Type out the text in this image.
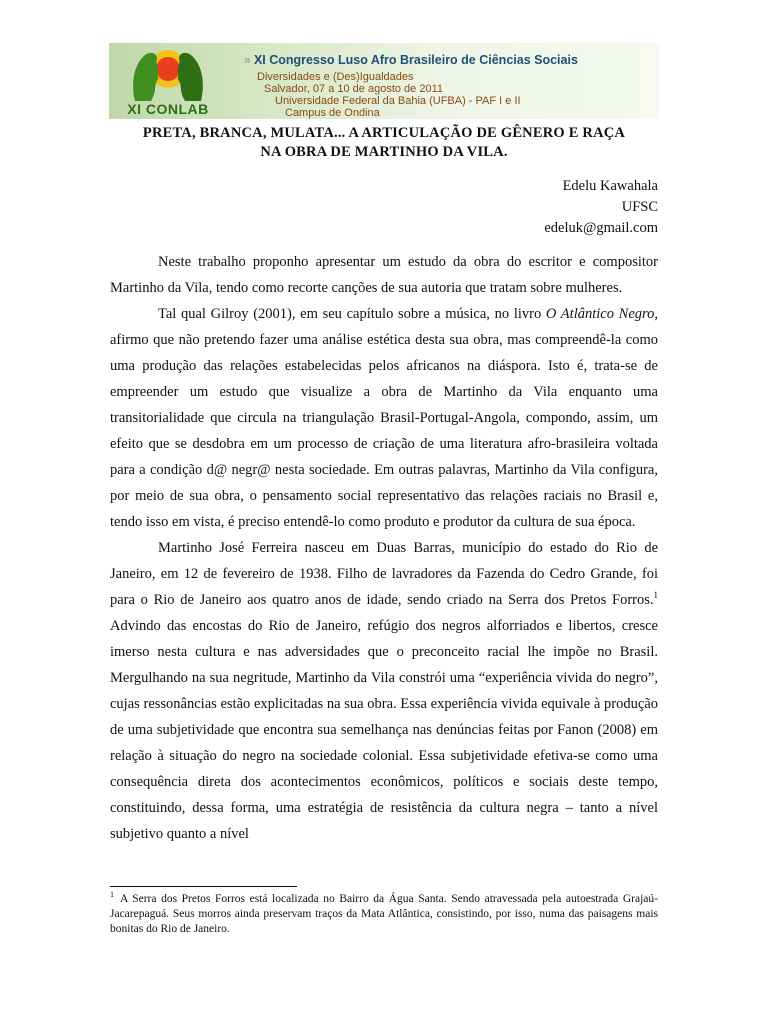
XI CONLAB
» XI Congresso Luso Afro Brasileiro de Ciências Sociais
Diversidades e (Des)Igualdades
Salvador, 07 a 10 de agosto de 2011
Universidade Federal da Bahia (UFBA) - PAF I e II
Campus de Ondina
PRETA, BRANCA, MULATA... A ARTICULAÇÃO DE GÊNERO E RAÇA
NA OBRA DE MARTINHO DA VILA.
Edelu Kawahala
UFSC
edeluk@gmail.com

Neste trabalho proponho apresentar um estudo da obra do escritor e compositor Martinho da Vila, tendo como recorte canções de sua autoria que tratam sobre mulheres.

Tal qual Gilroy (2001), em seu capítulo sobre a música, no livro O Atlântico Negro, afirmo que não pretendo fazer uma análise estética desta sua obra, mas compreendê-la como uma produção das relações estabelecidas pelos africanos na diáspora. Isto é, trata-se de empreender um estudo que visualize a obra de Martinho da Vila enquanto uma transitorialidade que circula na triangulação Brasil-Portugal-Angola, compondo, assim, um efeito que se desdobra em um processo de criação de uma literatura afro-brasileira voltada para a condição d@ negr@ nesta sociedade. Em outras palavras, Martinho da Vila configura, por meio de sua obra, o pensamento social representativo das relações raciais no Brasil e, tendo isso em vista, é preciso entendê-lo como produto e produtor da cultura de sua época.

Martinho José Ferreira nasceu em Duas Barras, município do estado do Rio de Janeiro, em 12 de fevereiro de 1938. Filho de lavradores da Fazenda do Cedro Grande, foi para o Rio de Janeiro aos quatro anos de idade, sendo criado na Serra dos Pretos Forros.$^1$ Advindo das encostas do Rio de Janeiro, refúgio dos negros alforriados e libertos, cresce imerso nesta cultura e nas adversidades que o preconceito racial lhe impõe no Brasil. Mergulhando na sua negritude, Martinho da Vila constrói uma “experiência vivida do negro”, cujas ressonâncias estão explicitadas na sua obra. Essa experiência vivida equivale à produção de uma subjetividade que encontra sua semelhança nas denúncias feitas por Fanon (2008) em relação à situação do negro na sociedade colonial. Essa subjetividade efetiva-se como uma consequência direta dos acontecimentos econômicos, políticos e sociais deste tempo, constituindo, dessa forma, uma estratégia de resistência da cultura negra – tanto a nível subjetivo quanto a nível

$^1$ A Serra dos Pretos Forros está localizada no Bairro da Água Santa. Sendo atravessada pela autoestrada Grajaú-Jacarepaguá. Seus morros ainda preservam traços da Mata Atlântica, consistindo, por isso, numa das paisagens mais bonitas do Rio de Janeiro.
